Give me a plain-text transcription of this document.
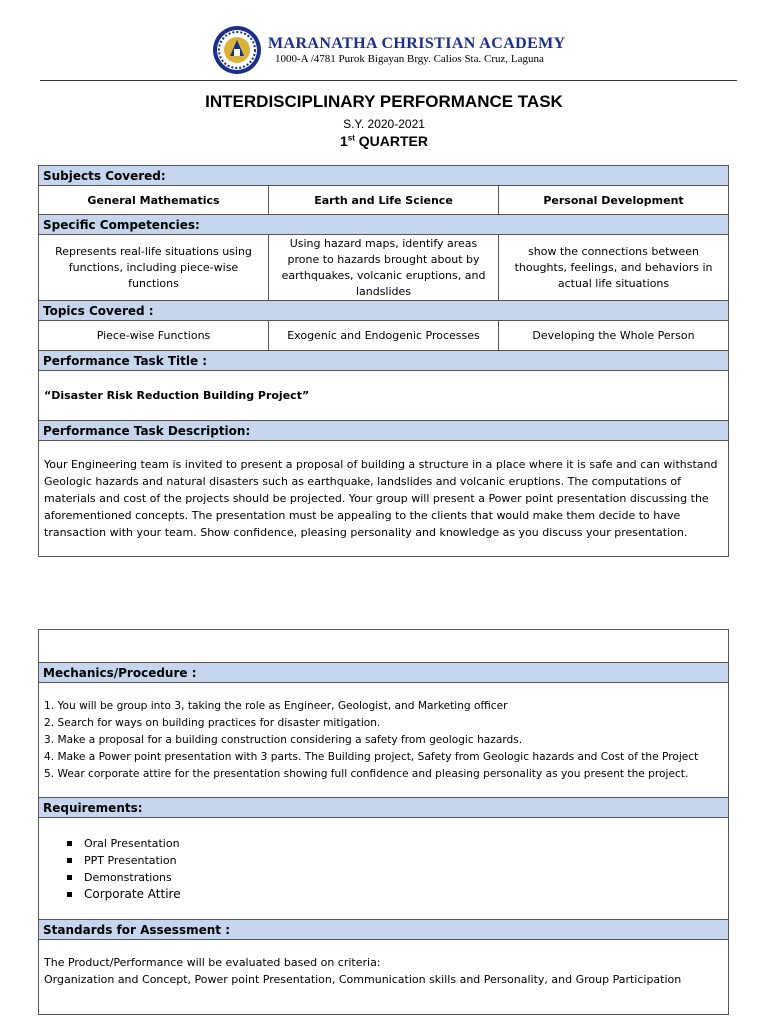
MARANATHA CHRISTIAN ACADEMY
1000-A /4781 Purok Bigayan Brgy. Calios Sta. Cruz, Laguna
INTERDISCIPLINARY PERFORMANCE TASK
S.Y. 2020-2021
1st QUARTER
Subjects Covered:		
General Mathematics	Earth and Life Science	Personal Development
Specific Competencies:		
Represents real-life situations using functions, including piece-wise functions	Using hazard maps, identify areas prone to hazards brought about by earthquakes, volcanic eruptions, and landslides	show the connections between thoughts, feelings, and behaviors in actual life situations
Topics Covered :		
Piece-wise Functions	Exogenic and Endogenic Processes	Developing the Whole Person
Performance Task Title :		
“Disaster Risk Reduction Building Project”		
Performance Task Description:		
Your Engineering team is invited to present a proposal of building a structure in a place where it is safe and can withstand Geologic hazards and natural disasters such as earthquake, landslides and volcanic eruptions. The computations of materials and cost of the projects should be projected. Your group will present a Power point presentation discussing the aforementioned concepts. The presentation must be appealing to the clients that would make them decide to have transaction with your team. Show confidence, pleasing personality and knowledge as you discuss your presentation.		

Mechanics/Procedure :

1. You will be group into 3, taking the role as Engineer, Geologist, and Marketing officer
2. Search for ways on building practices for disaster mitigation.
3. Make a proposal for a building construction considering a safety from geologic hazards.
4. Make a Power point presentation with 3 parts. The Building project, Safety from Geologic hazards and Cost of the Project
5. Wear corporate attire for the presentation showing full confidence and pleasing personality as you present the project.

Requirements:

Oral Presentation
PPT Presentation
Demonstrations
Corporate Attire

Standards for Assessment :

The Product/Performance will be evaluated based on criteria:
Organization and Concept, Power point Presentation, Communication skills and Personality, and Group Participation
